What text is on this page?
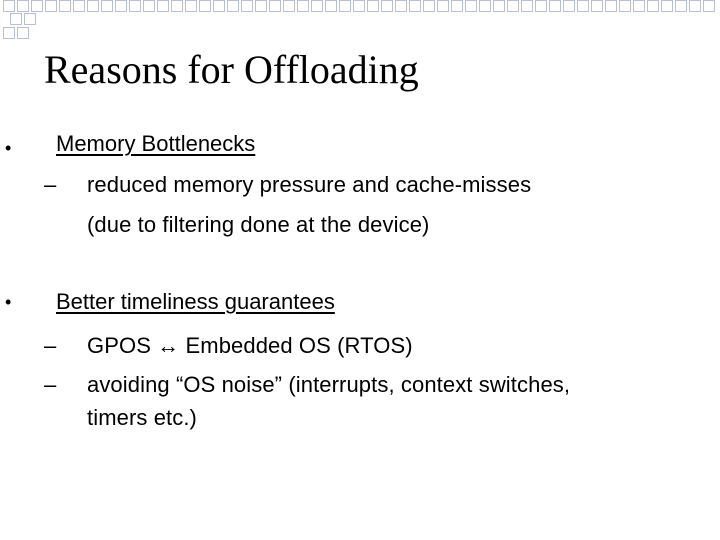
Reasons for Offloading
• Memory Bottlenecks
– reduced memory pressure and cache-misses
(due to filtering done at the device)
• Better timeliness guarantees
– GPOS ↔ Embedded OS (RTOS)
– avoiding “OS noise” (interrupts, context switches,
timers etc.)
